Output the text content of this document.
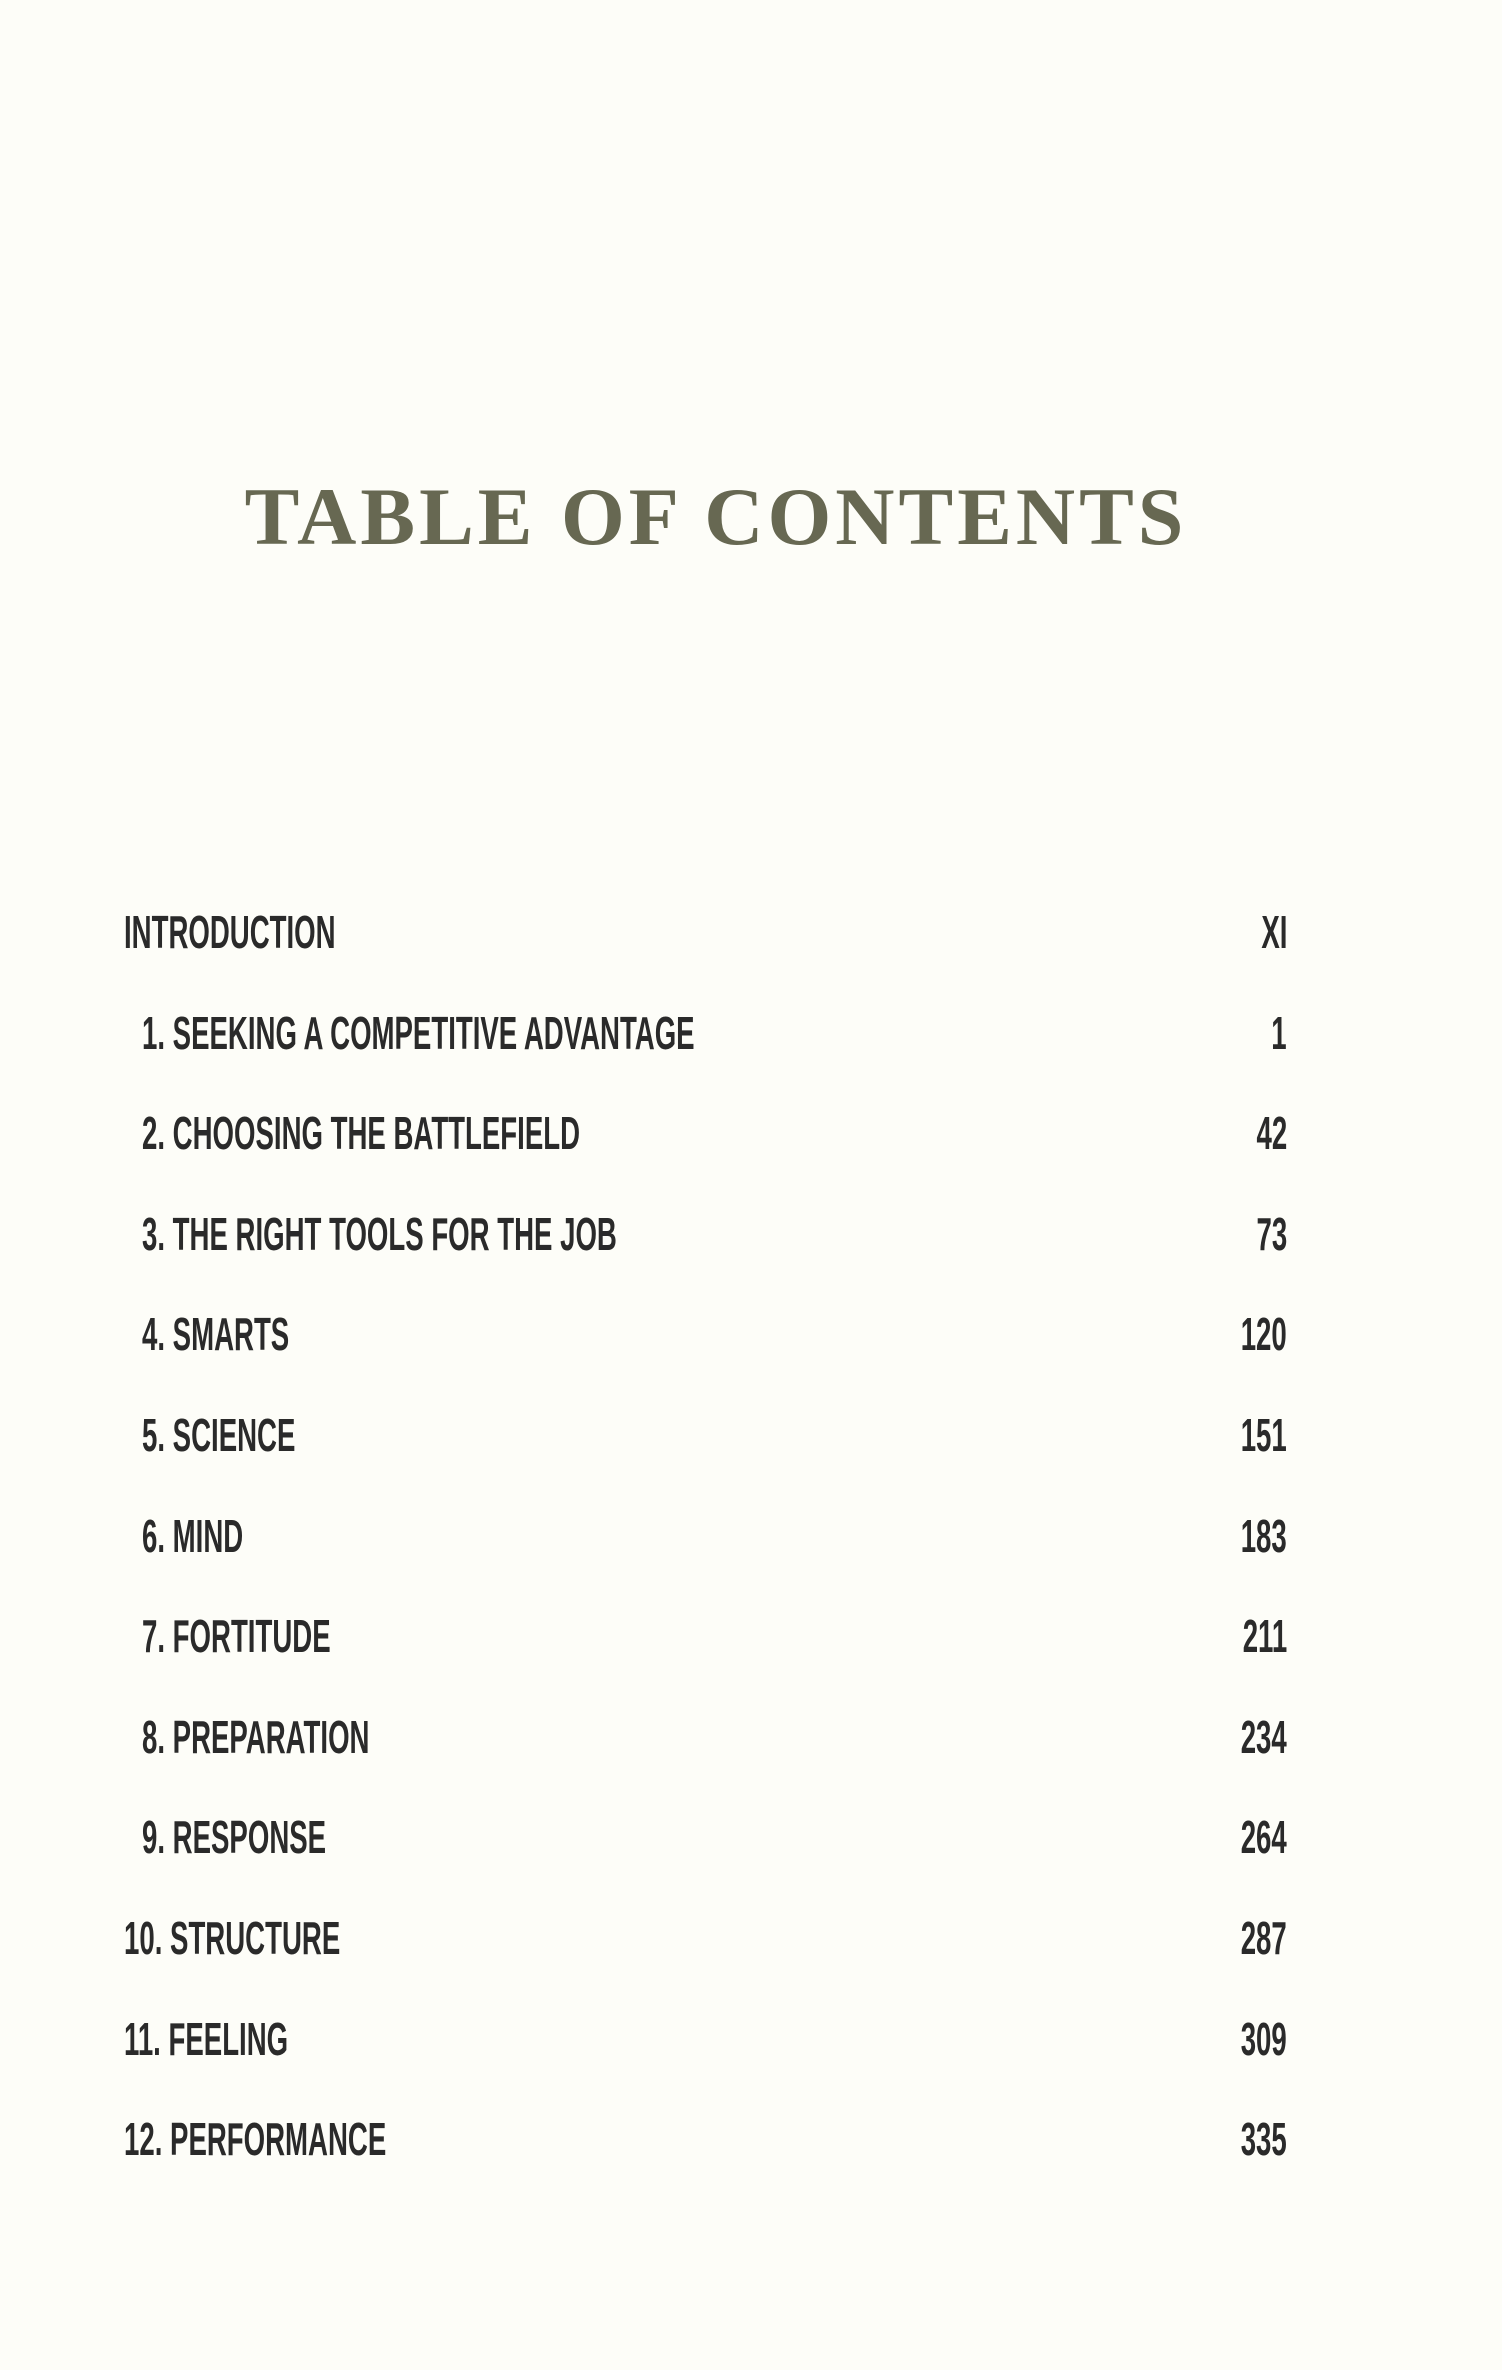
TABLE OF CONTENTS
INTRODUCTION	XI
1. SEEKING A COMPETITIVE ADVANTAGE	1
2. CHOOSING THE BATTLEFIELD	42
3. THE RIGHT TOOLS FOR THE JOB	73
4. SMARTS	120
5. SCIENCE	151
6. MIND	183
7. FORTITUDE	211
8. PREPARATION	234
9. RESPONSE	264
10. STRUCTURE	287
11. FEELING	309
12. PERFORMANCE	335
